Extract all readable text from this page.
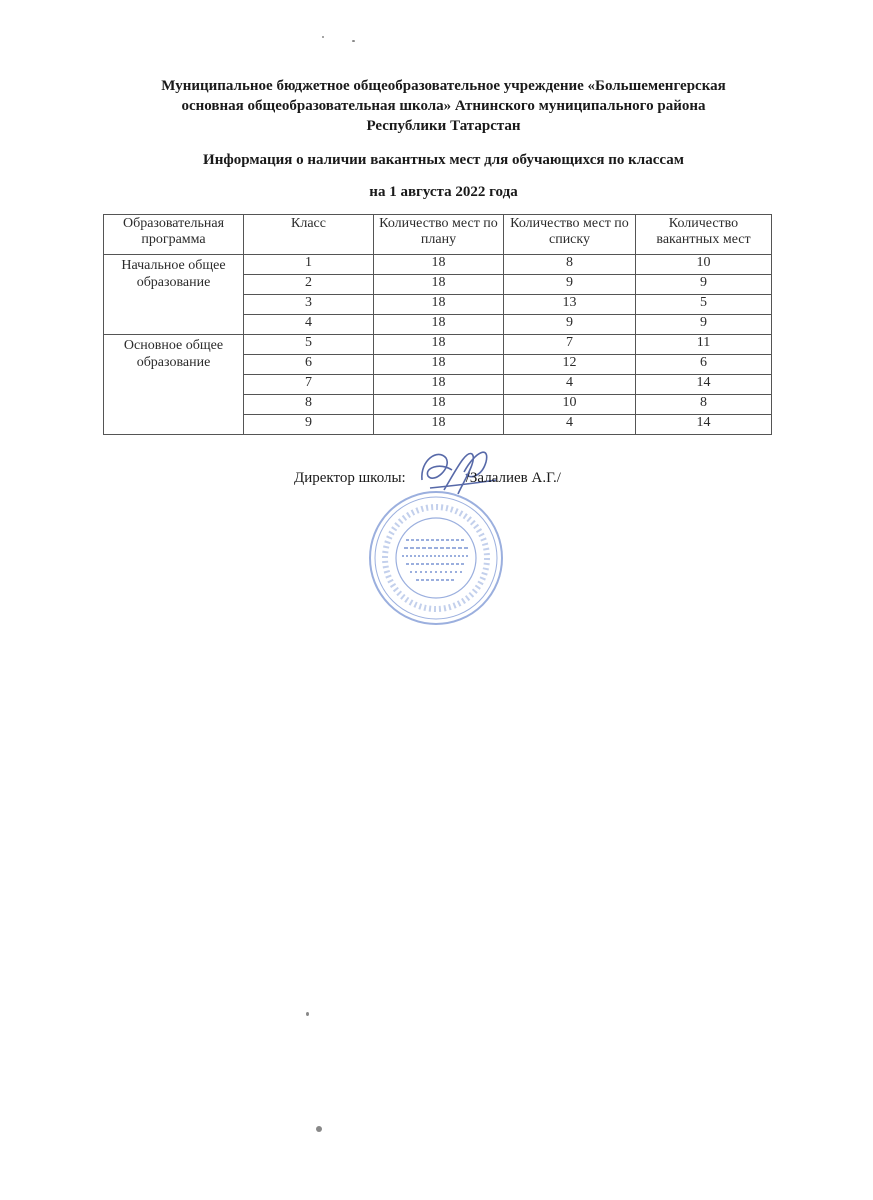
Муниципальное бюджетное общеобразовательное учреждение «Большеменгерская
основная общеобразовательная школа» Атнинского муниципального района
Республики Татарстан
Информация о наличии вакантных мест для обучающихся по классам
на 1 августа 2022 года
Образовательная программа	Класс	Количество мест по плану	Количество мест по списку	Количество вакантных мест
Начальное общее образование	1	18	8	10
	2	18	9	9
	3	18	13	5
	4	18	9	9
Основное общее образование	5	18	7	11
	6	18	12	6
	7	18	4	14
	8	18	10	8
	9	18	4	14
Директор школы:	/Залалиев А.Г./
